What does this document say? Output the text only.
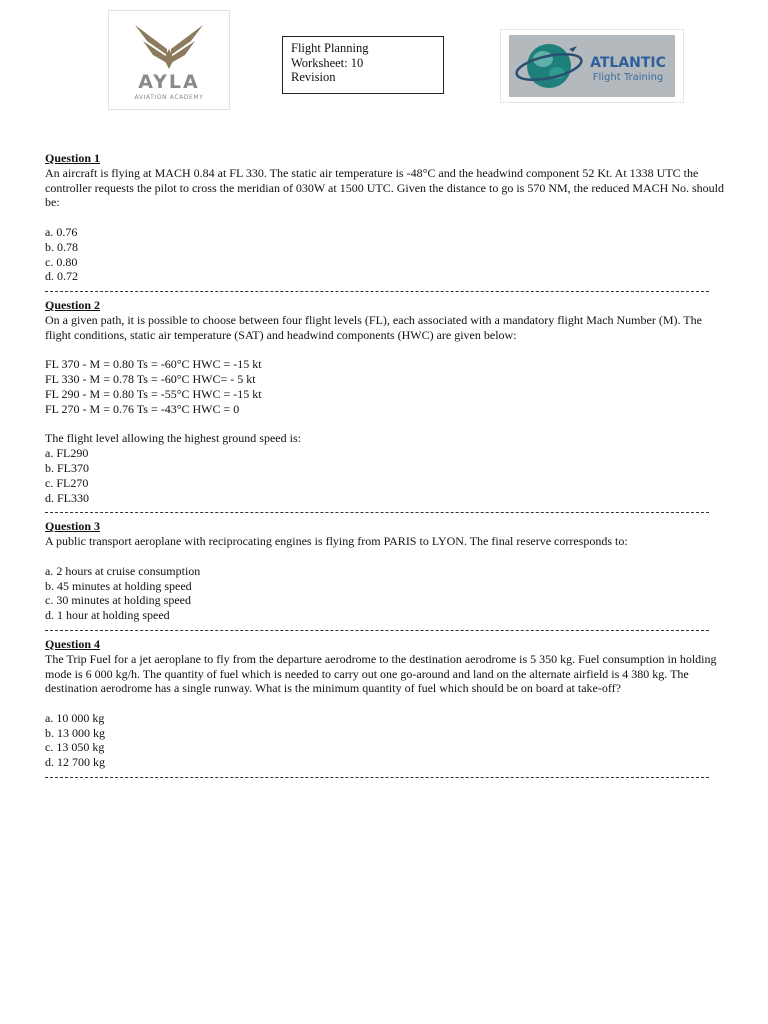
AYLA
AVIATION ACADEMY
Flight Planning
Worksheet: 10
Revision
ATLANTIC
Flight Training

Question 1

An aircraft is flying at MACH 0.84 at FL 330. The static air temperature is -48°C and the headwind component 52 Kt. At 1338 UTC the controller requests the pilot to cross the meridian of 030W at 1500 UTC. Given the distance to go is 570 NM, the reduced MACH No. should be:

a. 0.76

b. 0.78

c. 0.80

d. 0.72

Question 2

On a given path, it is possible to choose between four flight levels (FL), each associated with a mandatory flight Mach Number (M). The flight conditions, static air temperature (SAT) and headwind components (HWC) are given below:

FL 370 - M = 0.80 Ts = -60°C HWC = -15 kt

FL 330 - M = 0.78 Ts = -60°C HWC= - 5 kt

FL 290 - M = 0.80 Ts = -55°C HWC = -15 kt

FL 270 - M = 0.76 Ts = -43°C HWC = 0

The flight level allowing the highest ground speed is:

a. FL290

b. FL370

c. FL270

d. FL330

Question 3

A public transport aeroplane with reciprocating engines is flying from PARIS to LYON. The final reserve corresponds to:

a. 2 hours at cruise consumption

b. 45 minutes at holding speed

c. 30 minutes at holding speed

d. 1 hour at holding speed

Question 4

The Trip Fuel for a jet aeroplane to fly from the departure aerodrome to the destination aerodrome is 5 350 kg. Fuel consumption in holding mode is 6 000 kg/h. The quantity of fuel which is needed to carry out one go-around and land on the alternate airfield is 4 380 kg. The destination aerodrome has a single runway. What is the minimum quantity of fuel which should be on board at take-off?

a. 10 000 kg

b. 13 000 kg

c. 13 050 kg

d. 12 700 kg
